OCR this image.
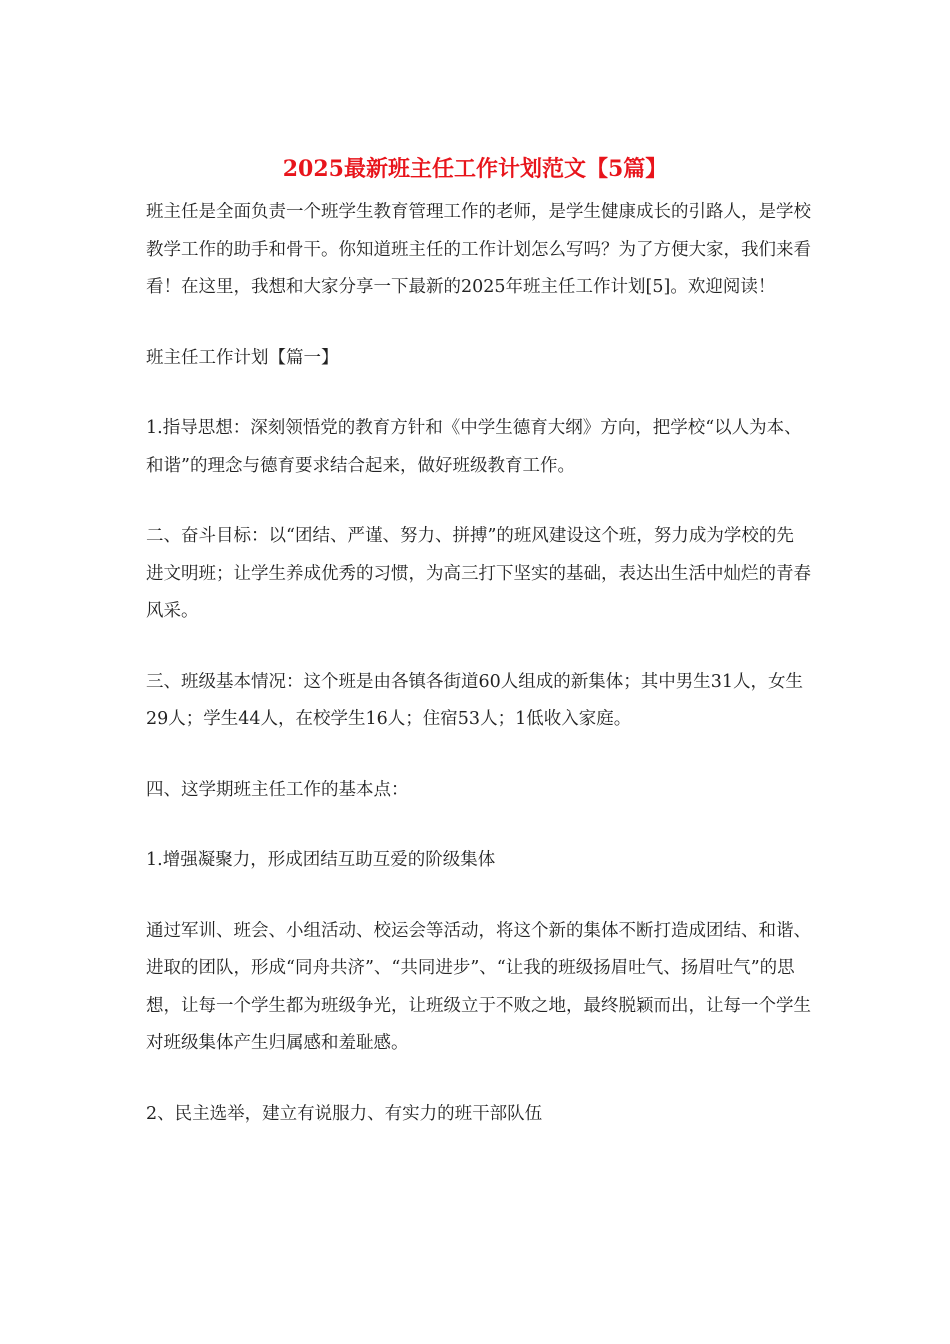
2025最新班主任工作计划范文【5篇】

班主任是全面负责一个班学生教育管理工作的老师，是学生健康成长的引路人，是学校教学工作的助手和骨干。你知道班主任的工作计划怎么写吗？为了方便大家，我们来看看！在这里，我想和大家分享一下最新的2025年班主任工作计划[5]。欢迎阅读！

班主任工作计划【篇一】

1.指导思想：深刻领悟党的教育方针和《中学生德育大纲》方向，把学校“以人为本、和谐”的理念与德育要求结合起来，做好班级教育工作。

二、奋斗目标：以“团结、严谨、努力、拼搏”的班风建设这个班，努力成为学校的先进文明班；让学生养成优秀的习惯，为高三打下坚实的基础，表达出生活中灿烂的青春风采。

三、班级基本情况：这个班是由各镇各街道60人组成的新集体；其中男生31人，女生29人；学生44人，在校学生16人；住宿53人；1低收入家庭。

四、这学期班主任工作的基本点：

1.增强凝聚力，形成团结互助互爱的阶级集体

通过军训、班会、小组活动、校运会等活动，将这个新的集体不断打造成团结、和谐、进取的团队，形成“同舟共济”、“共同进步”、“让我的班级扬眉吐气、扬眉吐气”的思想，让每一个学生都为班级争光，让班级立于不败之地，最终脱颖而出，让每一个学生对班级集体产生归属感和羞耻感。

2、民主选举，建立有说服力、有实力的班干部队伍
